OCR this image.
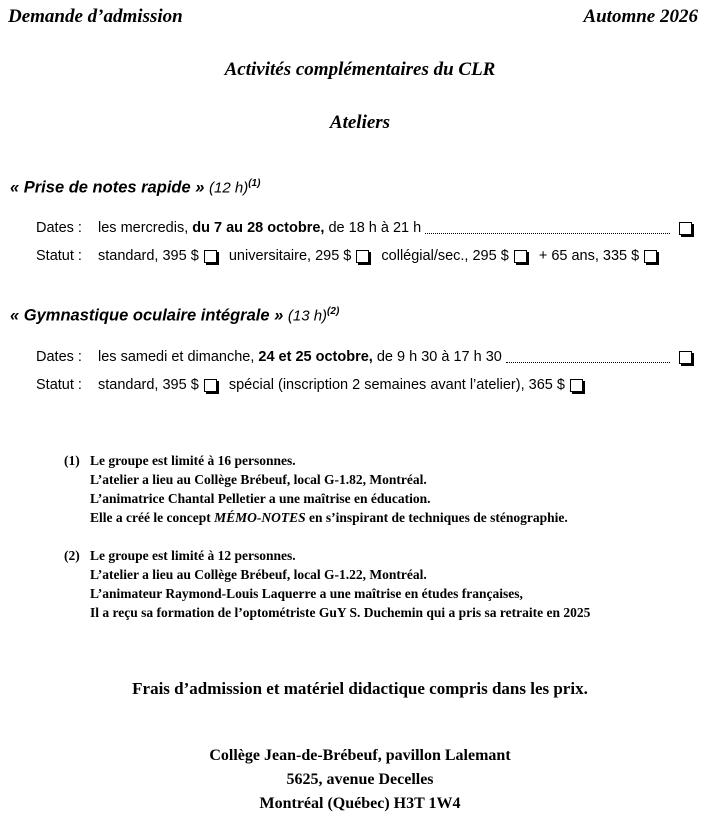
Demande d’admission	Automne 2026
Activités complémentaires du CLR
Ateliers
« Prise de notes rapide » (12 h)$^{(1)}$
Dates :	les mercredis,
du 7 au 28 octobre,
de 18 h à 21 h
Statut :	standard, 395 $
universitaire, 295 $
collégial/sec., 295 $
+ 65 ans, 335 $
« Gymnastique oculaire intégrale » (13 h)$^{(2)}$
Dates :	les samedi et dimanche,
24 et 25 octobre,
de 9 h 30 à 17 h 30
Statut :	standard, 395 $
spécial (inscription 2 semaines avant l’atelier), 365 $
(1) Le groupe est limité à 16 personnes.
L’atelier a lieu au Collège Brébeuf, local G-1.82, Montréal.
L’animatrice Chantal Pelletier a une maîtrise en éducation.
Elle a créé le concept MÉMO-NOTES en s’inspirant de techniques de sténographie.
(2) Le groupe est limité à 12 personnes.
L’atelier a lieu au Collège Brébeuf, local G-1.22, Montréal.
L’animateur Raymond-Louis Laquerre a une maîtrise en études françaises,
Il a reçu sa formation de l’optométriste GuY S. Duchemin qui a pris sa retraite en 2025
Frais d’admission et matériel didactique compris dans les prix.
Collège Jean-de-Brébeuf, pavillon Lalemant
5625, avenue Decelles
Montréal (Québec) H3T 1W4
